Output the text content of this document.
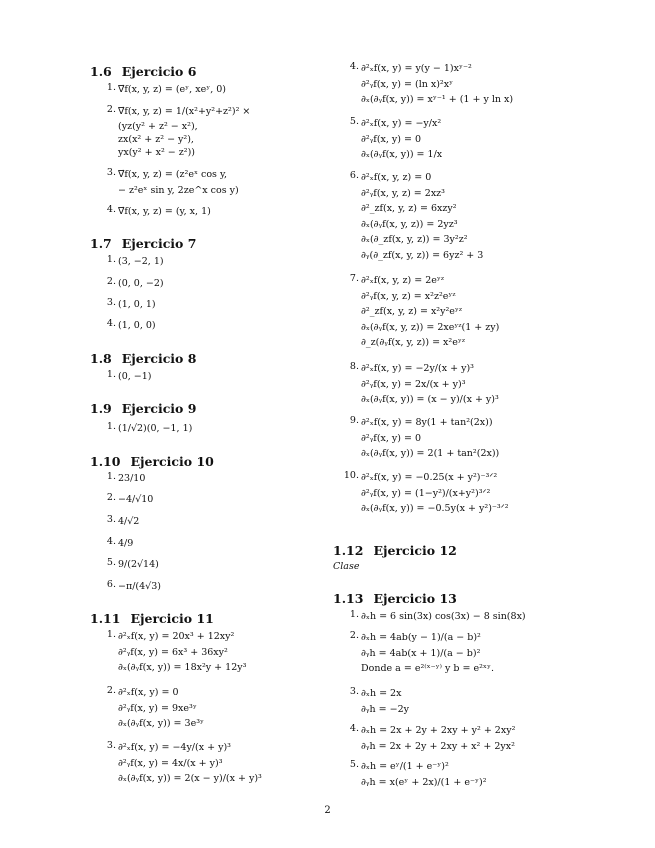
1.6 Ejercicio 6
1. ∇⃗f(x, y, z) = (eʸ, xeʸ, 0)
2. ∇⃗f(x, y, z) = 1/(x²+y²+z²)² ×
(yz(y² + z² − x²),
zx(x² + z² − y²),
yx(y² + x² − z²))
3. ∇⃗f(x, y, z) = (z²eˣ cos y,
− z²eˣ sin y, 2ze^x cos y)
4. ∇⃗f(x, y, z) = (y, x, 1)
1.7 Ejercicio 7
1. (3, −2, 1)
2. (0, 0, −2)
3. (1, 0, 1)
4. (1, 0, 0)
1.8 Ejercicio 8
1. (0, −1)
1.9 Ejercicio 9
1. (1/√2)(0, −1, 1)
1.10 Ejercicio 10
1. 23/10
2. −4/√10
3. 4/√2
4. 4/9
5. 9/(2√14)
6. −π/(4√3)
1.11 Ejercicio 11
1. ∂²ₓf(x, y) = 20x³ + 12xy²
∂²ᵧf(x, y) = 6x³ + 36xy²
∂ₓ(∂ᵧf(x, y)) = 18x²y + 12y³
2. ∂²ₓf(x, y) = 0
∂²ᵧf(x, y) = 9xe³ʸ
∂ₓ(∂ᵧf(x, y)) = 3e³ʸ
3. ∂²ₓf(x, y) = −4y/(x + y)³
∂²ᵧf(x, y) = 4x/(x + y)³
∂ₓ(∂ᵧf(x, y)) = 2(x − y)/(x + y)³
4. ∂²ₓf(x, y) = y(y − 1)xʸ⁻²
∂²ᵧf(x, y) = (ln x)²xʸ
∂ₓ(∂ᵧf(x, y)) = xʸ⁻¹ + (1 + y ln x)
5. ∂²ₓf(x, y) = −y/x²
∂²ᵧf(x, y) = 0
∂ₓ(∂ᵧf(x, y)) = 1/x
6. ∂²ₓf(x, y, z) = 0
∂²ᵧf(x, y, z) = 2xz³
∂²_zf(x, y, z) = 6xzy²
∂ₓ(∂ᵧf(x, y, z)) = 2yz³
∂ₓ(∂_zf(x, y, z)) = 3y²z²
∂ᵧ(∂_zf(x, y, z)) = 6yz² + 3
7. ∂²ₓf(x, y, z) = 2eʸᶻ
∂²ᵧf(x, y, z) = x²z²eʸᶻ
∂²_zf(x, y, z) = x²y²eʸᶻ
∂ₓ(∂ᵧf(x, y, z)) = 2xeʸᶻ(1 + zy)
∂_z(∂ᵧf(x, y, z)) = x²eʸᶻ
8. ∂²ₓf(x, y) = −2y/(x + y)³
∂²ᵧf(x, y) = 2x/(x + y)³
∂ₓ(∂ᵧf(x, y)) = (x − y)/(x + y)³
9. ∂²ₓf(x, y) = 8y(1 + tan²(2x))
∂²ᵧf(x, y) = 0
∂ₓ(∂ᵧf(x, y)) = 2(1 + tan²(2x))
10. ∂²ₓf(x, y) = −0.25(x + y²)⁻³ᐟ²
∂²ᵧf(x, y) = (1−y²)/(x+y²)³ᐟ²
∂ₓ(∂ᵧf(x, y)) = −0.5y(x + y²)⁻³ᐟ²
1.12 Ejercicio 12
Clase
1.13 Ejercicio 13
1. ∂ₓh = 6 sin(3x) cos(3x) − 8 sin(8x)
2. ∂ₓh = 4ab(y − 1)/(a − b)²
∂ᵧh = 4ab(x + 1)/(a − b)²
Donde a = e²⁽ˣ⁻ʸ⁾ y b = e²ˣʸ.
3. ∂ₓh = 2x
∂ᵧh = −2y
4. ∂ₓh = 2x + 2y + 2xy + y² + 2xy²
∂ᵧh = 2x + 2y + 2xy + x² + 2yx²
5. ∂ₓh = eʸ/(1 + e⁻ʸ)²
∂ᵧh = x(eʸ + 2x)/(1 + e⁻ʸ)²
2
